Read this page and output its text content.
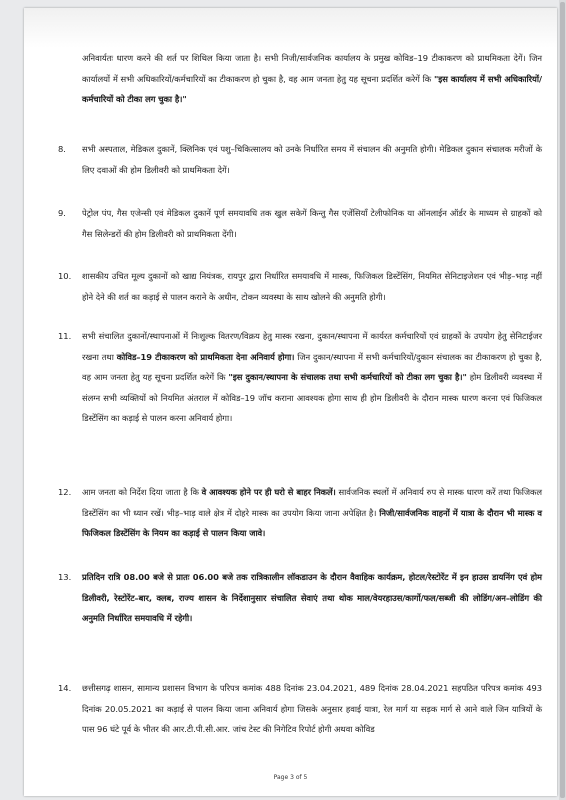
अनिवार्यतः धारण करने की शर्त पर शिथिल किया जाता है। सभी निजी/सार्वजनिक कार्यालय के प्रमुख कोविड–19 टीकाकरण को प्राथमिकता देगें। जिन कार्यालयों में सभी अधिकारियों/कर्मचारियों का टीकाकरण हो चुका है, वह आम जनता हेतु यह सूचना प्रदर्शित करेगें कि "इस कार्यालय में सभी अधिकारियों/कर्मचारियों को टीका लग चुका है।"

8. सभी अस्पताल, मेडिकल दुकानें, क्लिनिक एवं पशु–चिकित्सालय को उनके निर्धारित समय में संचालन की अनुमति होगी। मेडिकल दुकान संचालक मरीजों के लिए दवाओं की होम डिलीवरी को प्राथमिकता देगें।

9. पेट्रोल पंप, गैस एजेन्सी एवं मेडिकल दुकानें पूर्ण समयावधि तक खुल सकेगें किन्तु गैस एजेंसियॉं टेलीफोनिक या ऑनलाईन ऑर्डर के माध्यम से ग्राहकों को गैस सिलेन्डरों की होम डिलीवरी को प्राथमिकता देंगी।

10. शासकीय उचित मूल्य दुकानों को खाद्य नियंत्रक, रायपुर द्वारा निर्धारित समयावधि में मास्क, फिजिकल डिस्टेंसिंग, नियमित सेनिटाइजेशन एवं भीड़–भाड़ नहीं होने देने की शर्त का कड़ाई से पालन कराने के अधीन, टोकन व्यवस्था के साथ खोलने की अनुमति होगी।

11. सभी संचालित दुकानों/स्थापनाओं में निःशुल्क वितरण/विक्रय हेतु मास्क रखना, दुकान/स्थापना में कार्यरत कर्मचारियों एवं ग्राहकों के उपयोग हेतु सेनिटाईजर रखना तथा कोविड–19 टीकाकरण को प्राथमिकता देना अनिवार्य होगा। जिन दुकान/स्थापना में सभी कर्मचारियों/दुकान संचालक का टीकाकरण हो चुका है, वह आम जनता हेतु यह सूचना प्रदर्शित करेगें कि "इस दुकान/स्थापना के संचालक तथा सभी कर्मचारियों को टीका लग चुका है।" होम डिलीवरी व्यवस्था में संलग्न सभी व्यक्तियों को नियमित अंतराल में कोविड–19 जॉच कराना आवश्यक होगा साथ ही होम डिलीवरी के दौरान मास्क धारण करना एवं फिजिकल डिस्टेंसिंग का कड़ाई से पालन करना अनिवार्य होगा।

12. आम जनता को निर्देश दिया जाता है कि वे आवश्यक होने पर ही घरो से बाहर निकलें। सार्वजनिक स्थलों में अनिवार्य रुप से मास्क धारण करें तथा फिजिकल डिस्टेंसिंग का भी ध्यान रखें। भीड़–भाड़ वाले क्षेत्र में दोहरे मास्क का उपयोग किया जाना अपेक्षित है। निजी/सार्वजनिक वाहनों में यात्रा के दौरान भी मास्क व फिजिकल डिस्टेंसिंग के नियम का कड़ाई से पालन किया जावे।

13. प्रतिदिन रात्रि 08.00 बजे से प्रातः 06.00 बजे तक रात्रिकालीन लॉकडाउन के दौरान वैवाहिक कार्यक्रम, होटल/रेस्टोरेंट में इन हाउस डायनिंग एवं होम डिलीवरी, रेस्टोरेंट–बार, क्लब, राज्य शासन के निर्देशानुसार संचालित सेवाएं तथा थोक माल/वेयरहाउस/कार्गो/फल/सब्जी की लोडिंग/अन–लोडिंग की अनुमति निर्धारित समयावधि में रहेगी।

14. छत्तीसगढ़ शासन, सामान्य प्रशासन विभाग के परिपत्र कमांक 488 दिनांक 23.04.2021, 489 दिनांक 28.04.2021 सहपठित परिपत्र कमांक 493 दिनांक 20.05.2021 का कड़ाई से पालन किया जाना अनिवार्य होगा जिसके अनुसार हवाई यात्रा, रेल मार्ग या सड़क मार्ग से आने वाले जिन यात्रियों के पास 96 घंटे पूर्व के भीतर की आर.टी.पी.सी.आर. जांच टेस्ट की निगेटिव रिपोर्ट होगी अथवा कोविड

Page 3 of 5
